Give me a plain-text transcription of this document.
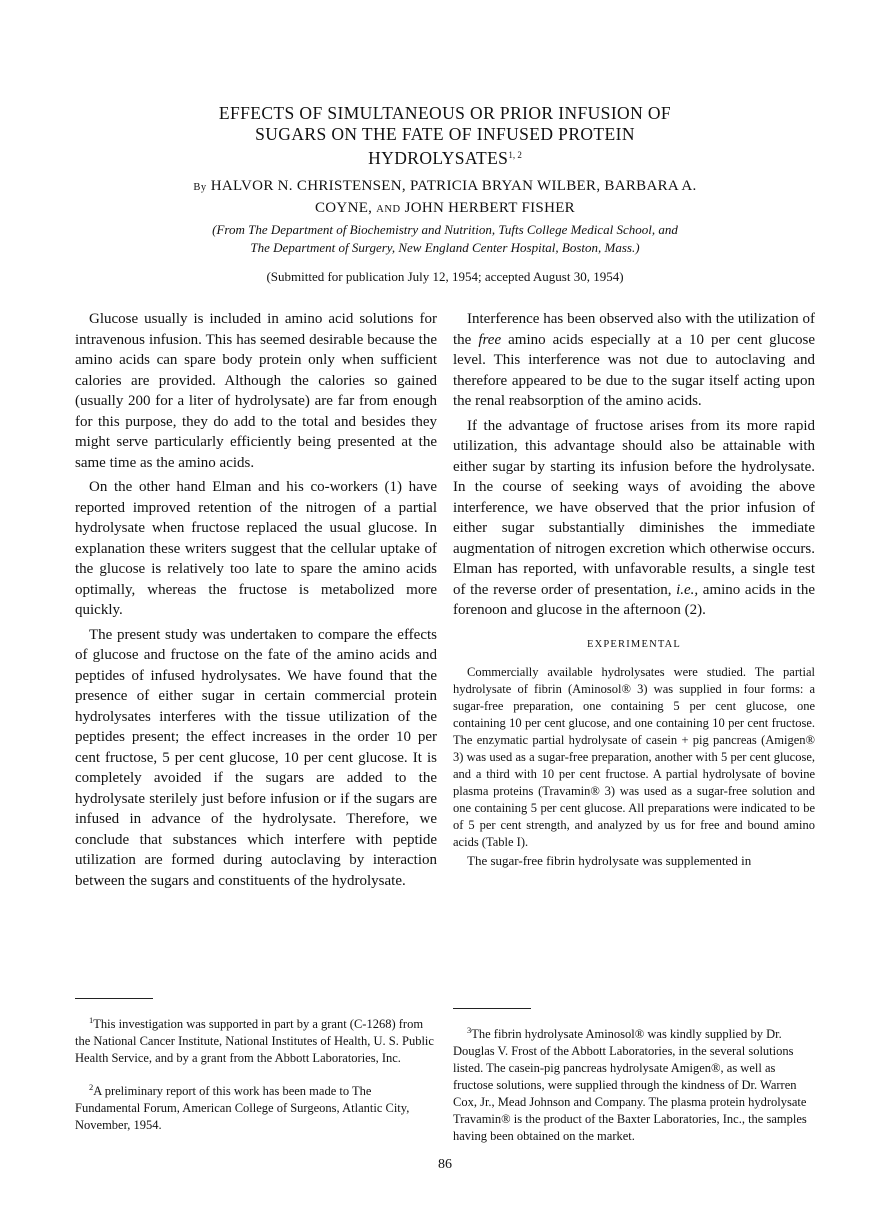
EFFECTS OF SIMULTANEOUS OR PRIOR INFUSION OF
SUGARS ON THE FATE OF INFUSED PROTEIN
HYDROLYSATES$^{1, 2}$
By HALVOR N. CHRISTENSEN, PATRICIA BRYAN WILBER, BARBARA A.
COYNE, AND JOHN HERBERT FISHER
(From The Department of Biochemistry and Nutrition, Tufts College Medical School, and
The Department of Surgery, New England Center Hospital, Boston, Mass.)
(Submitted for publication July 12, 1954; accepted August 30, 1954)

Glucose usually is included in amino acid solutions for intravenous infusion. This has seemed desirable because the amino acids can spare body protein only when sufficient calories are provided. Although the calories so gained (usually 200 for a liter of hydrolysate) are far from enough for this purpose, they do add to the total and besides they might serve particularly efficiently being presented at the same time as the amino acids.

On the other hand Elman and his co-workers (1) have reported improved retention of the nitrogen of a partial hydrolysate when fructose replaced the usual glucose. In explanation these writers suggest that the cellular uptake of the glucose is relatively too late to spare the amino acids optimally, whereas the fructose is metabolized more quickly.

The present study was undertaken to compare the effects of glucose and fructose on the fate of the amino acids and peptides of infused hydrolysates. We have found that the presence of either sugar in certain commercial protein hydrolysates interferes with the tissue utilization of the peptides present; the effect increases in the order 10 per cent fructose, 5 per cent glucose, 10 per cent glucose. It is completely avoided if the sugars are added to the hydrolysate sterilely just before infusion or if the sugars are infused in advance of the hydrolysate. Therefore, we conclude that substances which interfere with peptide utilization are formed during autoclaving by interaction between the sugars and constituents of the hydrolysate.

$^1$This investigation was supported in part by a grant (C-1268) from the National Cancer Institute, National Institutes of Health, U. S. Public Health Service, and by a grant from the Abbott Laboratories, Inc.

$^2$A preliminary report of this work has been made to The Fundamental Forum, American College of Surgeons, Atlantic City, November, 1954.

Interference has been observed also with the utilization of the free amino acids especially at a 10 per cent glucose level. This interference was not due to autoclaving and therefore appeared to be due to the sugar itself acting upon the renal reabsorption of the amino acids.

If the advantage of fructose arises from its more rapid utilization, this advantage should also be attainable with either sugar by starting its infusion before the hydrolysate. In the course of seeking ways of avoiding the above interference, we have observed that the prior infusion of either sugar substantially diminishes the immediate augmentation of nitrogen excretion which otherwise occurs. Elman has reported, with unfavorable results, a single test of the reverse order of presentation, i.e., amino acids in the forenoon and glucose in the afternoon (2).

EXPERIMENTAL

Commercially available hydrolysates were studied. The partial hydrolysate of fibrin (Aminosol® 3) was supplied in four forms: a sugar-free preparation, one containing 5 per cent glucose, one containing 10 per cent glucose, and one containing 10 per cent fructose. The enzymatic partial hydrolysate of casein + pig pancreas (Amigen® 3) was used as a sugar-free preparation, another with 5 per cent glucose, and a third with 10 per cent fructose. A partial hydrolysate of bovine plasma proteins (Travamin® 3) was used as a sugar-free solution and one containing 5 per cent glucose. All preparations were indicated to be of 5 per cent strength, and analyzed by us for free and bound amino acids (Table I).

The sugar-free fibrin hydrolysate was supplemented in

$^3$The fibrin hydrolysate Aminosol® was kindly supplied by Dr. Douglas V. Frost of the Abbott Laboratories, in the several solutions listed. The casein-pig pancreas hydrolysate Amigen®, as well as fructose solutions, were supplied through the kindness of Dr. Warren Cox, Jr., Mead Johnson and Company. The plasma protein hydrolysate Travamin® is the product of the Baxter Laboratories, Inc., the samples having been obtained on the market.

86
